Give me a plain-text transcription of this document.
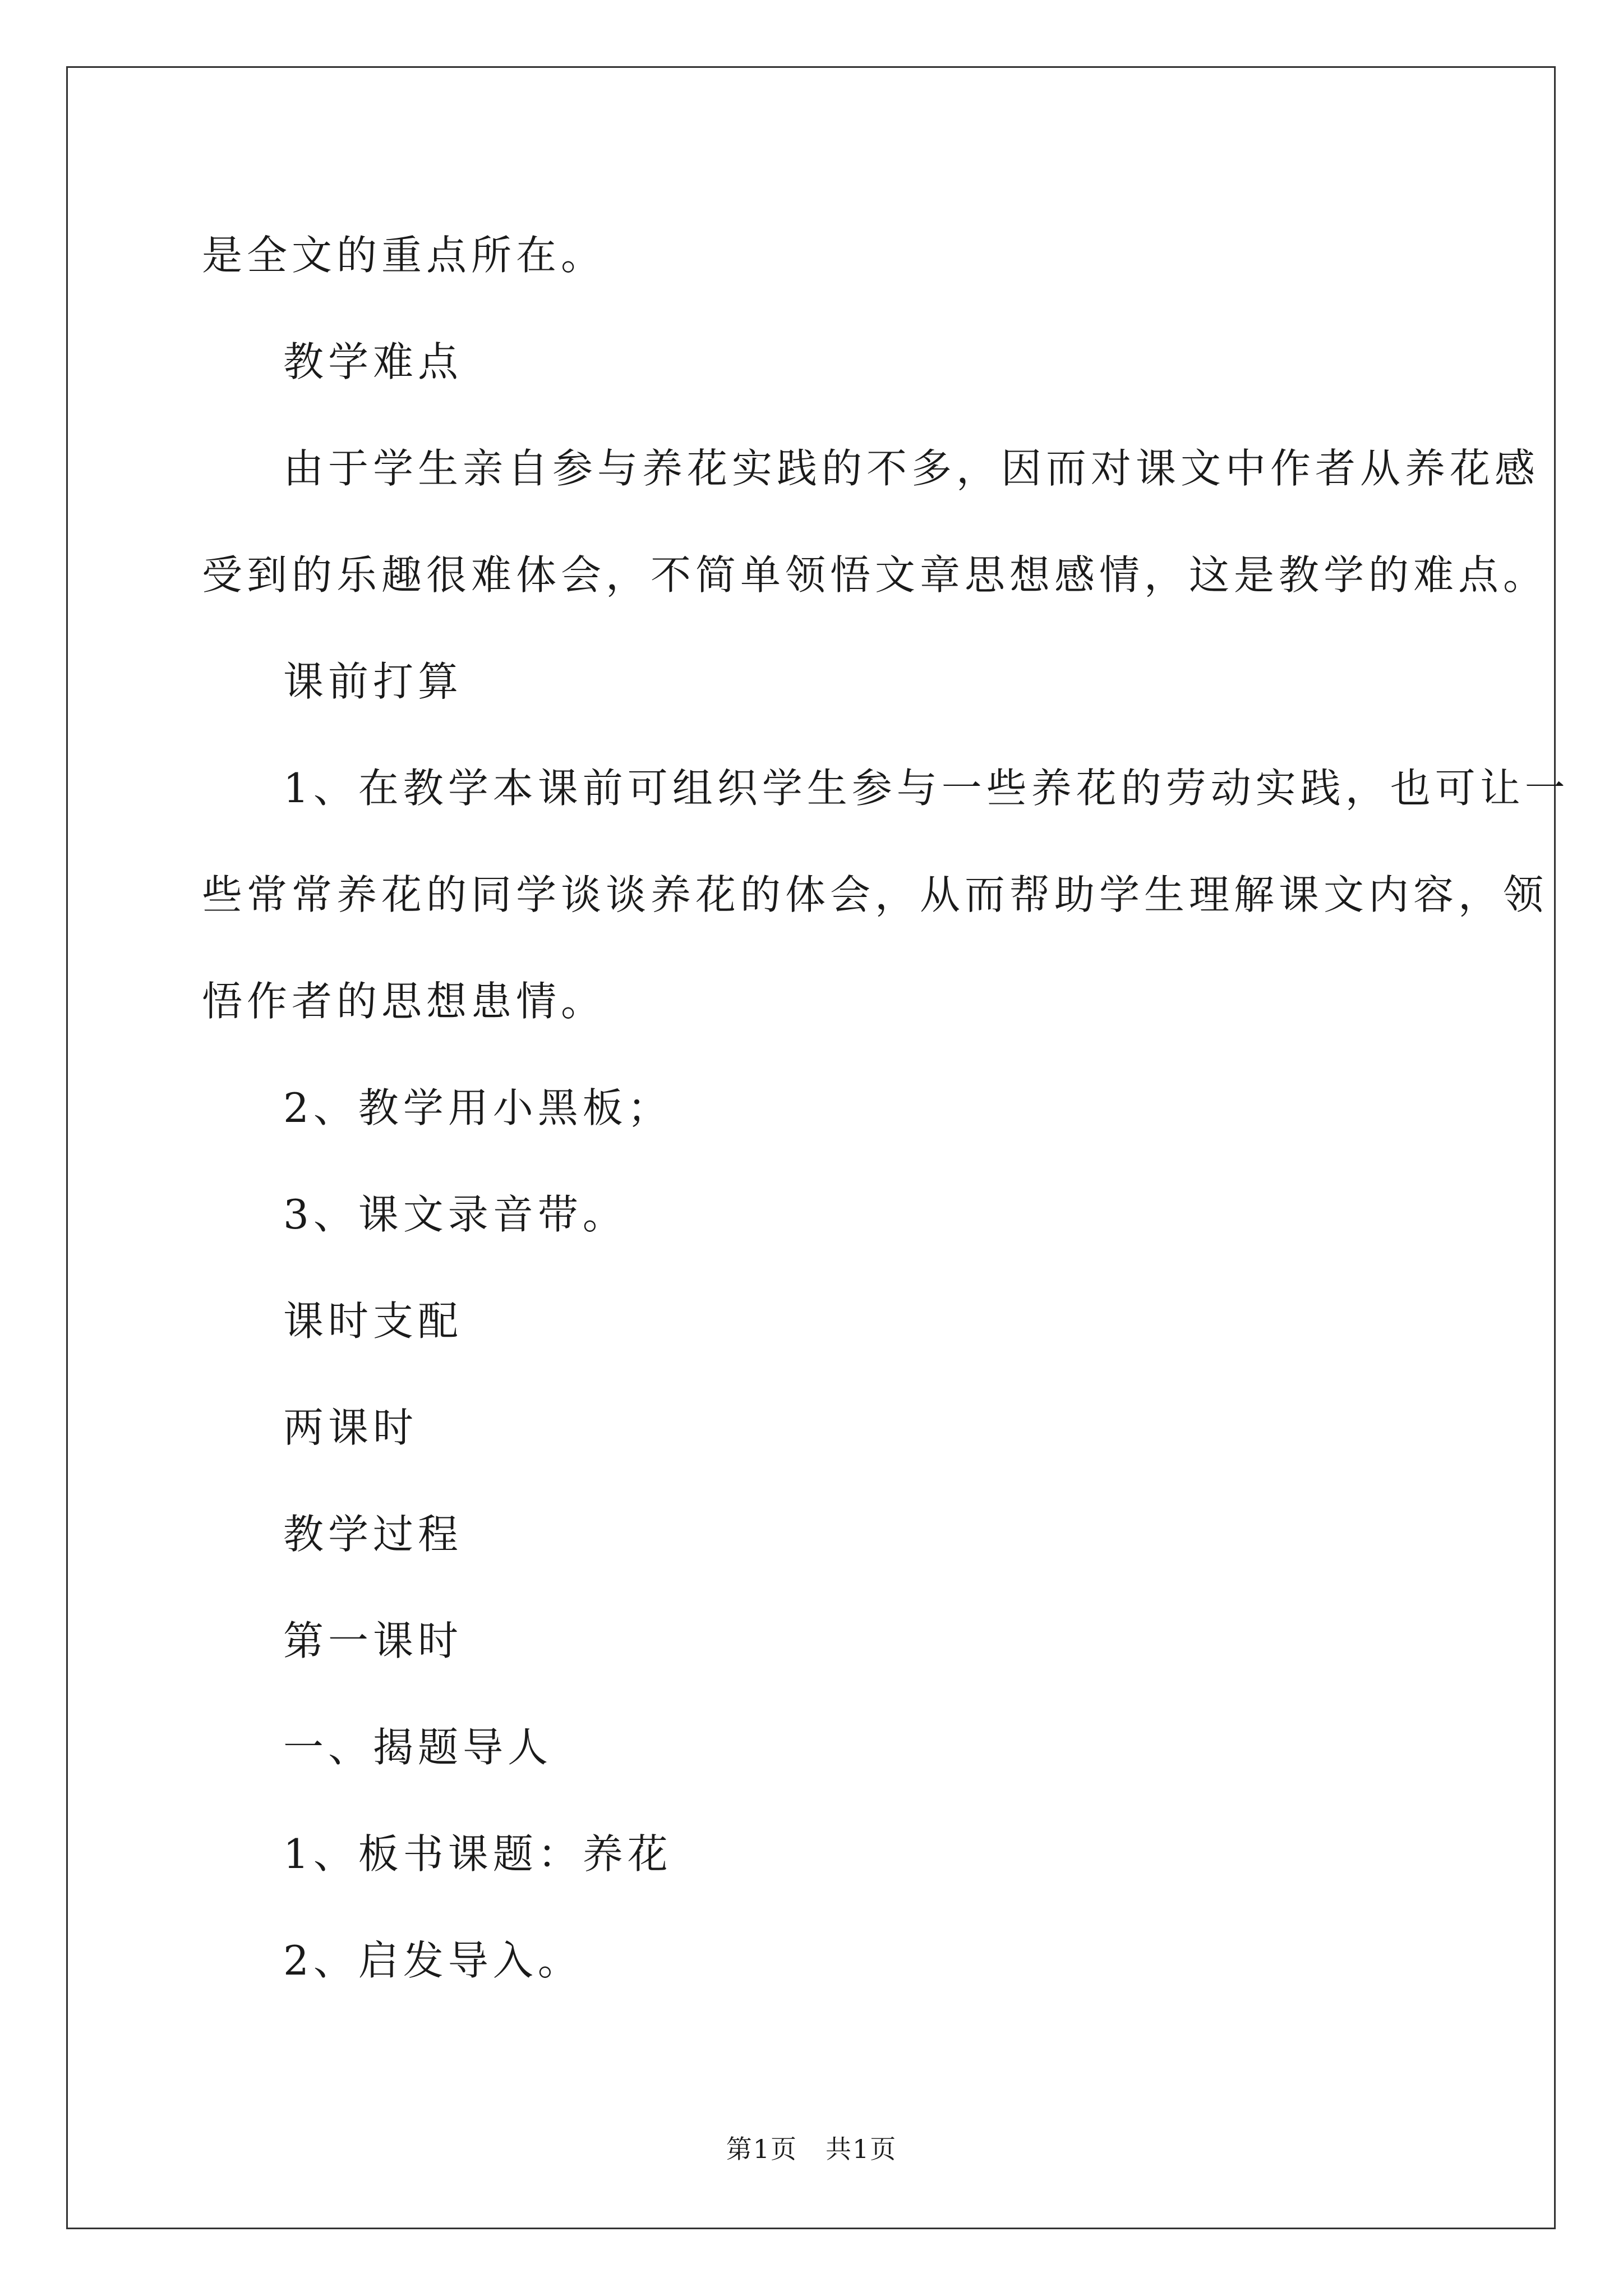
是全文的重点所在。

教学难点

由于学生亲自参与养花实践的不多，因而对课文中作者从养花感
受到的乐趣很难体会，不简单领悟文章思想感情，这是教学的难点。

课前打算

1、在教学本课前可组织学生参与一些养花的劳动实践，也可让一
些常常养花的同学谈谈养花的体会，从而帮助学生理解课文内容，领
悟作者的思想患情。

2、教学用小黑板；

3、课文录音带。

课时支配

两课时

教学过程

第一课时

一、揭题导人

1、板书课题：养花

2、启发导入。

第1页 共1页
